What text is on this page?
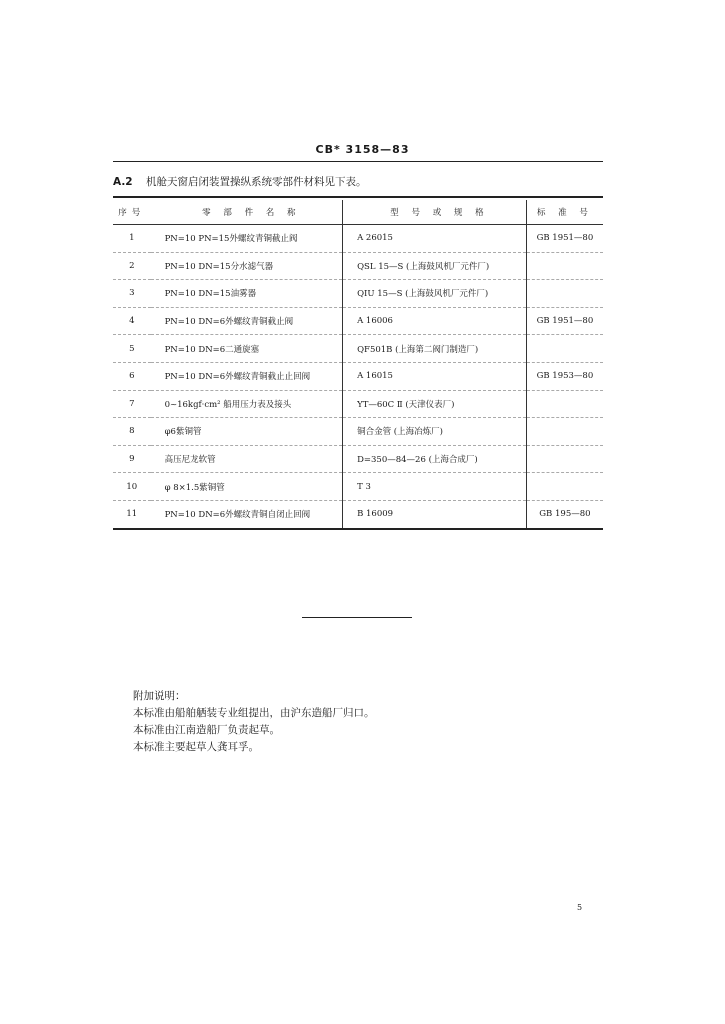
CB* 3158—83
A.2 机舱天窗启闭装置操纵系统零部件材料见下表。
序号	零 部 件 名 称	型 号 或 规 格	标 准 号
1	PN=10 PN=15外螺纹青铜截止阀	A 26015	GB 1951—80
2	PN=10 DN=15分水滤气器	QSL 15—S (上海鼓风机厂元件厂)	
3	PN=10 DN=15油雾器	QIU 15—S (上海鼓风机厂元件厂)	
4	PN=10 DN=6外螺纹青铜截止阀	A 16006	GB 1951—80
5	PN=10 DN=6二通旋塞	QF501B (上海第二阀门制造厂)	
6	PN=10 DN=6外螺纹青铜截止止回阀	A 16015	GB 1953—80
7	0~16kgf·cm² 船用压力表及接头	YT—60C Ⅱ (天津仪表厂)	
8	φ6紫铜管	铜合金管 (上海冶炼厂)	
9	高压尼龙软管	D=350—84—26 (上海合成厂)	
10	φ 8×1.5紫铜管	T 3	
11	PN=10 DN=6外螺纹青铜自闭止回阀	B 16009	GB 195—80
附加说明：
本标准由船舶舾装专业组提出，由沪东造船厂归口。
本标准由江南造船厂负责起草。
本标准主要起草人龚耳孚。
5
